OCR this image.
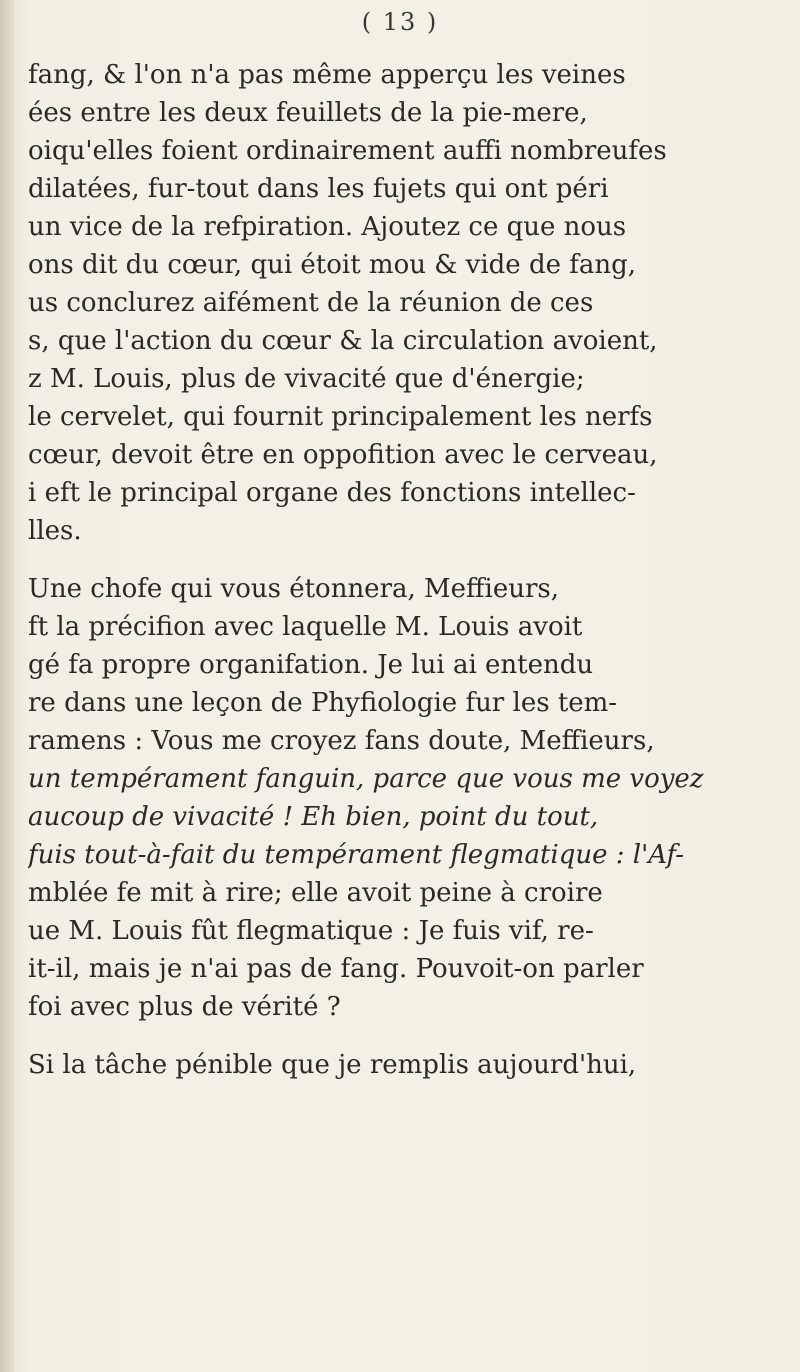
( 13 )
fang, & l'on n'a pas même apperçu les veines
ées entre les deux feuillets de la pie-mere,
oiqu'elles foient ordinairement auffi nombreufes
dilatées, fur-tout dans les fujets qui ont péri
un vice de la refpiration. Ajoutez ce que nous
ons dit du cœur, qui étoit mou & vide de fang,
us conclurez aifément de la réunion de ces
s, que l'action du cœur & la circulation avoient,
z M. Louis, plus de vivacité que d'énergie;
le cervelet, qui fournit principalement les nerfs
cœur, devoit être en oppofition avec le cerveau,
i eft le principal organe des fonctions intellec-
lles.
Une chofe qui vous étonnera, Meffieurs,
ft la précifion avec laquelle M. Louis avoit
gé fa propre organifation. Je lui ai entendu
re dans une leçon de Phyfiologie fur les tem-
ramens : Vous me croyez fans doute, Meffieurs,
un tempérament fanguin, parce que vous me voyez
aucoup de vivacité ! Eh bien, point du tout,
fuis tout-à-fait du tempérament flegmatique : l'Af-
mblée fe mit à rire; elle avoit peine à croire
ue M. Louis fût flegmatique : Je fuis vif, re-
it-il, mais je n'ai pas de fang. Pouvoit-on parler
foi avec plus de vérité ?
Si la tâche pénible que je remplis aujourd'hui,
